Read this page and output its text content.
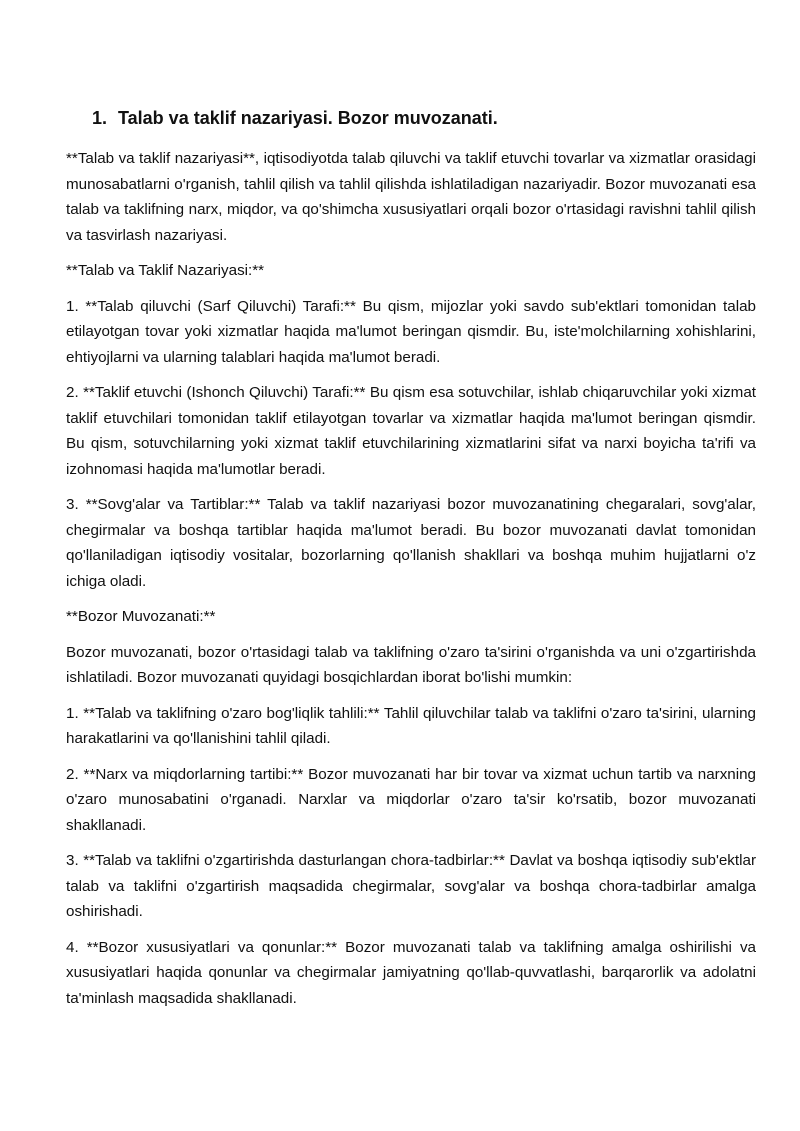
1. Talab va taklif nazariyasi. Bozor muvozanati.

**Talab va taklif nazariyasi**, iqtisodiyotda talab qiluvchi va taklif etuvchi tovarlar va xizmatlar orasidagi munosabatlarni o'rganish, tahlil qilish va tahlil qilishda ishlatiladigan nazariyadir. Bozor muvozanati esa talab va taklifning narx, miqdor, va qo'shimcha xususiyatlari orqali bozor o'rtasidagi ravishni tahlil qilish va tasvirlash nazariyasi.

**Talab va Taklif Nazariyasi:**

1. **Talab qiluvchi (Sarf Qiluvchi) Tarafi:** Bu qism, mijozlar yoki savdo sub'ektlari tomonidan talab etilayotgan tovar yoki xizmatlar haqida ma'lumot beringan qismdir. Bu, iste'molchilarning xohishlarini, ehtiyojlarni va ularning talablari haqida ma'lumot beradi.

2. **Taklif etuvchi (Ishonch Qiluvchi) Tarafi:** Bu qism esa sotuvchilar, ishlab chiqaruvchilar yoki xizmat taklif etuvchilari tomonidan taklif etilayotgan tovarlar va xizmatlar haqida ma'lumot beringan qismdir. Bu qism, sotuvchilarning yoki xizmat taklif etuvchilarining xizmatlarini sifat va narxi boyicha ta'rifi va izohnomasi haqida ma'lumotlar beradi.

3. **Sovg'alar va Tartiblar:** Talab va taklif nazariyasi bozor muvozanatining chegaralari, sovg'alar, chegirmalar va boshqa tartiblar haqida ma'lumot beradi. Bu bozor muvozanati davlat tomonidan qo'llaniladigan iqtisodiy vositalar, bozorlarning qo'llanish shakllari va boshqa muhim hujjatlarni o'z ichiga oladi.

**Bozor Muvozanati:**

Bozor muvozanati, bozor o'rtasidagi talab va taklifning o'zaro ta'sirini o'rganishda va uni o'zgartirishda ishlatiladi. Bozor muvozanati quyidagi bosqichlardan iborat bo'lishi mumkin:

1. **Talab va taklifning o'zaro bog'liqlik tahlili:** Tahlil qiluvchilar talab va taklifni o'zaro ta'sirini, ularning harakatlarini va qo'llanishini tahlil qiladi.

2. **Narx va miqdorlarning tartibi:** Bozor muvozanati har bir tovar va xizmat uchun tartib va narxning o'zaro munosabatini o'rganadi. Narxlar va miqdorlar o'zaro ta'sir ko'rsatib, bozor muvozanati shakllanadi.

3. **Talab va taklifni o'zgartirishda dasturlangan chora-tadbirlar:** Davlat va boshqa iqtisodiy sub'ektlar talab va taklifni o'zgartirish maqsadida chegirmalar, sovg'alar va boshqa chora-tadbirlar amalga oshirishadi.

4. **Bozor xususiyatlari va qonunlar:** Bozor muvozanati talab va taklifning amalga oshirilishi va xususiyatlari haqida qonunlar va chegirmalar jamiyatning qo'llab-quvvatlashi, barqarorlik va adolatni ta'minlash maqsadida shakllanadi.
